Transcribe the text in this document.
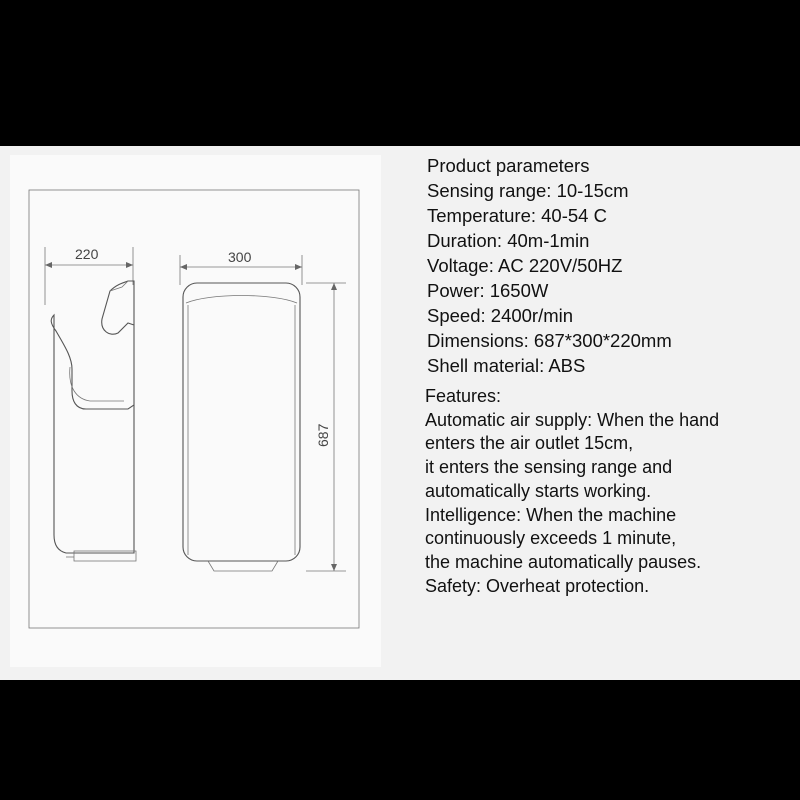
220	300
687
Product parameters
Sensing range: 10-15cm
Temperature: 40-54 C
Duration: 40m-1min
Voltage: AC 220V/50HZ
Power: 1650W
Speed: 2400r/min
Dimensions: 687*300*220mm
Shell material: ABS
Features:
Automatic air supply: When the hand
enters the air outlet 15cm,
it enters the sensing range and
automatically starts working.
Intelligence: When the machine
continuously exceeds 1 minute,
the machine automatically pauses.
Safety: Overheat protection.
